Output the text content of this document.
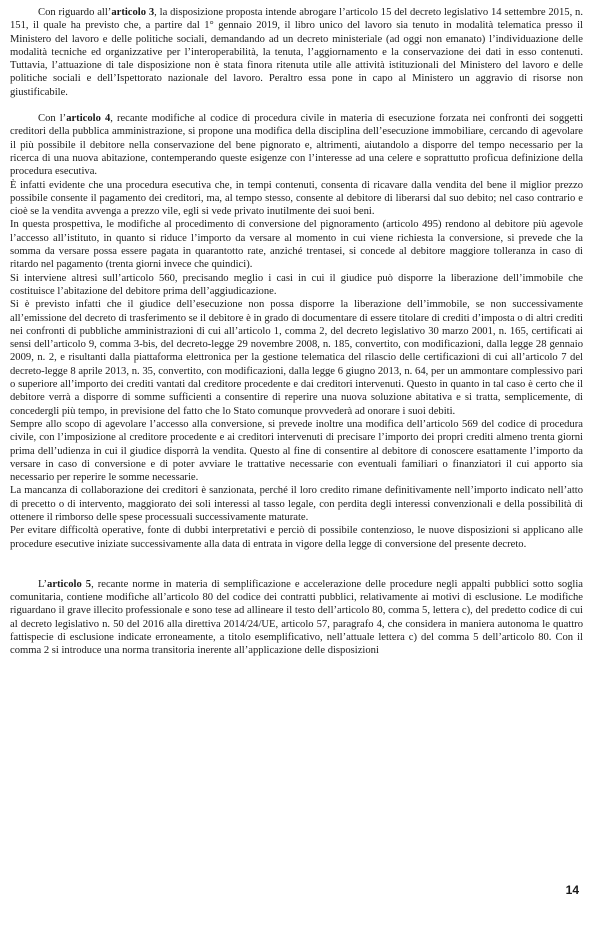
Con riguardo all’articolo 3, la disposizione proposta intende abrogare l’articolo 15 del decreto legislativo 14 settembre 2015, n. 151, il quale ha previsto che, a partire dal 1° gennaio 2019, il libro unico del lavoro sia tenuto in modalità telematica presso il Ministero del lavoro e delle politiche sociali, demandando ad un decreto ministeriale (ad oggi non emanato) l’individuazione delle modalità tecniche ed organizzative per l’interoperabilità, la tenuta, l’aggiornamento e la conservazione dei dati in esso contenuti. Tuttavia, l’attuazione di tale disposizione non è stata finora ritenuta utile alle attività istituzionali del Ministero del lavoro e delle politiche sociali e dell’Ispettorato nazionale del lavoro. Peraltro essa pone in capo al Ministero un aggravio di risorse non giustificabile.

Con l’articolo 4, recante modifiche al codice di procedura civile in materia di esecuzione forzata nei confronti dei soggetti creditori della pubblica amministrazione, si propone una modifica della disciplina dell’esecuzione immobiliare, cercando di agevolare il più possibile il debitore nella conservazione del bene pignorato e, altrimenti, aiutandolo a disporre del tempo necessario per la ricerca di una nuova abitazione, contemperando queste esigenze con l’interesse ad una celere e soprattutto proficua definizione della procedura esecutiva.

È infatti evidente che una procedura esecutiva che, in tempi contenuti, consenta di ricavare dalla vendita del bene il miglior prezzo possibile consente il pagamento dei creditori, ma, al tempo stesso, consente al debitore di liberarsi dal suo debito; nel caso contrario e cioè se la vendita avvenga a prezzo vile, egli si vede privato inutilmente dei suoi beni.

In questa prospettiva, le modifiche al procedimento di conversione del pignoramento (articolo 495) rendono al debitore più agevole l’accesso all’istituto, in quanto si riduce l’importo da versare al momento in cui viene richiesta la conversione, si prevede che la somma da versare possa essere pagata in quarantotto rate, anziché trentasei, si concede al debitore maggiore tolleranza in caso di ritardo nel pagamento (trenta giorni invece che quindici).

Si interviene altresì sull’articolo 560, precisando meglio i casi in cui il giudice può disporre la liberazione dell’immobile che costituisce l’abitazione del debitore prima dell’aggiudicazione.

Si è previsto infatti che il giudice dell’esecuzione non possa disporre la liberazione dell’immobile, se non successivamente all’emissione del decreto di trasferimento se il debitore è in grado di documentare di essere titolare di crediti d’imposta o di altri crediti nei confronti di pubbliche amministrazioni di cui all’articolo 1, comma 2, del decreto legislativo 30 marzo 2001, n. 165, certificati ai sensi dell’articolo 9, comma 3-bis, del decreto-legge 29 novembre 2008, n. 185, convertito, con modificazioni, dalla legge 28 gennaio 2009, n. 2, e risultanti dalla piattaforma elettronica per la gestione telematica del rilascio delle certificazioni di cui all’articolo 7 del decreto-legge 8 aprile 2013, n. 35, convertito, con modificazioni, dalla legge 6 giugno 2013, n. 64, per un ammontare complessivo pari o superiore all’importo dei crediti vantati dal creditore procedente e dai creditori intervenuti. Questo in quanto in tal caso è certo che il debitore verrà a disporre di somme sufficienti a consentire di reperire una nuova soluzione abitativa e si tratta, semplicemente, di concedergli più tempo, in previsione del fatto che lo Stato comunque provvederà ad onorare i suoi debiti.

Sempre allo scopo di agevolare l’accesso alla conversione, si prevede inoltre una modifica dell’articolo 569 del codice di procedura civile, con l’imposizione al creditore procedente e ai creditori intervenuti di precisare l’importo dei propri crediti almeno trenta giorni prima dell’udienza in cui il giudice disporrà la vendita. Questo al fine di consentire al debitore di conoscere esattamente l’importo da versare in caso di conversione e di poter avviare le trattative necessarie con eventuali familiari o finanziatori il cui apporto sia necessario per reperire le somme necessarie.

La mancanza di collaborazione dei creditori è sanzionata, perché il loro credito rimane definitivamente nell’importo indicato nell’atto di precetto o di intervento, maggiorato dei soli interessi al tasso legale, con perdita degli interessi convenzionali e della possibilità di ottenere il rimborso delle spese processuali successivamente maturate.

Per evitare difficoltà operative, fonte di dubbi interpretativi e perciò di possibile contenzioso, le nuove disposizioni si applicano alle procedure esecutive iniziate successivamente alla data di entrata in vigore della legge di conversione del presente decreto.

L’articolo 5, recante norme in materia di semplificazione e accelerazione delle procedure negli appalti pubblici sotto soglia comunitaria, contiene modifiche all’articolo 80 del codice dei contratti pubblici, relativamente ai motivi di esclusione. Le modifiche riguardano il grave illecito professionale e sono tese ad allineare il testo dell’articolo 80, comma 5, lettera c), del predetto codice di cui al decreto legislativo n. 50 del 2016 alla direttiva 2014/24/UE, articolo 57, paragrafo 4, che considera in maniera autonoma le quattro fattispecie di esclusione indicate erroneamente, a titolo esemplificativo, nell’attuale lettera c) del comma 5 dell’articolo 80. Con il comma 2 si introduce una norma transitoria inerente all’applicazione delle disposizioni

14
